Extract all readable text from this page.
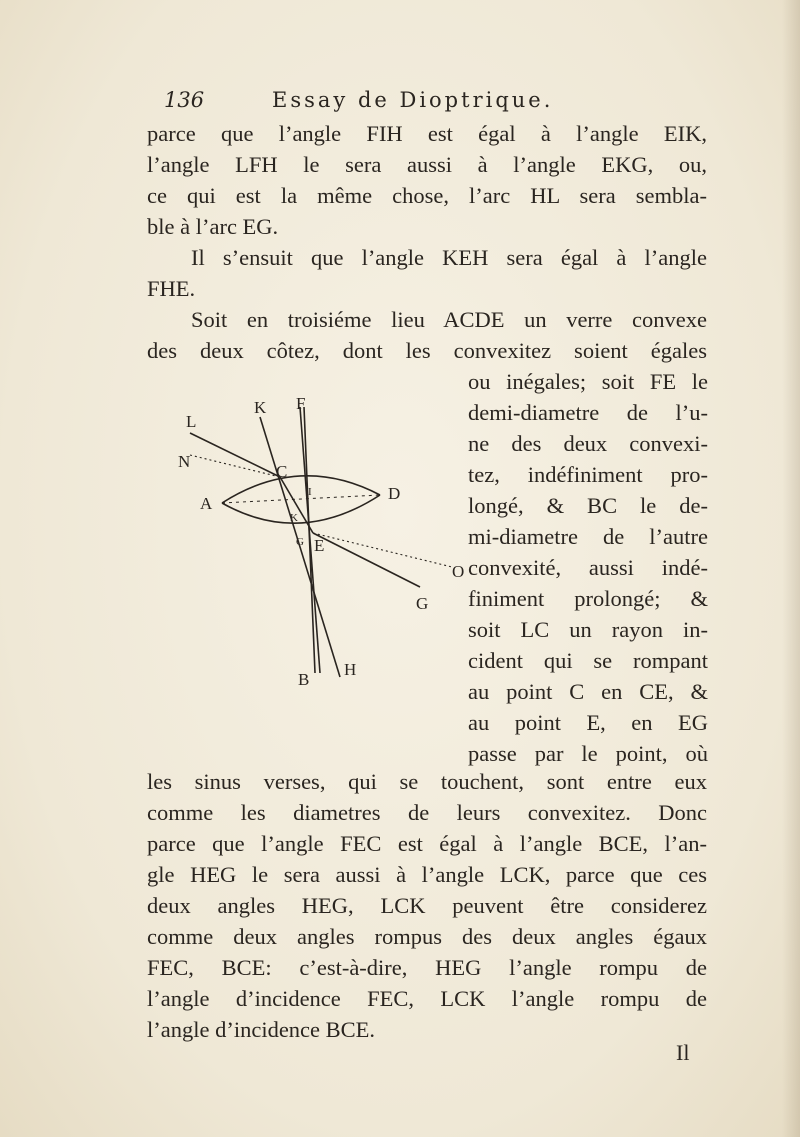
136	Essay de Dioptrique.
parce que l’angle FIH est égal à l’angle EIK,
l’angle LFH le sera aussi à l’angle EKG, ou,
ce qui est la même chose, l’arc HL sera sembla-
ble à l’arc EG.
Il s’ensuit que l’angle KEH sera égal à l’angle
FHE.
Soit en troisiéme lieu ACDE un verre convexe
des deux côtez, dont les convexitez soient égales
ou inégales; soit FE le
demi-diametre de l’u-
ne des deux convexi-
tez, indéfiniment pro-
longé, & BC le de-
mi-diametre de l’autre
convexité, aussi indé-
finiment prolongé; &
soit LC un rayon in-
cident qui se rompant
au point C en CE, &
au point E, en EG
passe par le point, où
les sinus verses, qui se touchent, sont entre eux
comme les diametres de leurs convexitez. Donc
parce que l’angle FEC est égal à l’angle BCE, l’an-
gle HEG le sera aussi à l’angle LCK, parce que ces
deux angles HEG, LCK peuvent être considerez
comme deux angles rompus des deux angles égaux
FEC, BCE: c’est-à-dire, HEG l’angle rompu de
l’angle d’incidence FEC, LCK l’angle rompu de
l’angle d’incidence BCE.
Il
L
K F
N
C
A
D
I
K
G E
O
G
H
B
